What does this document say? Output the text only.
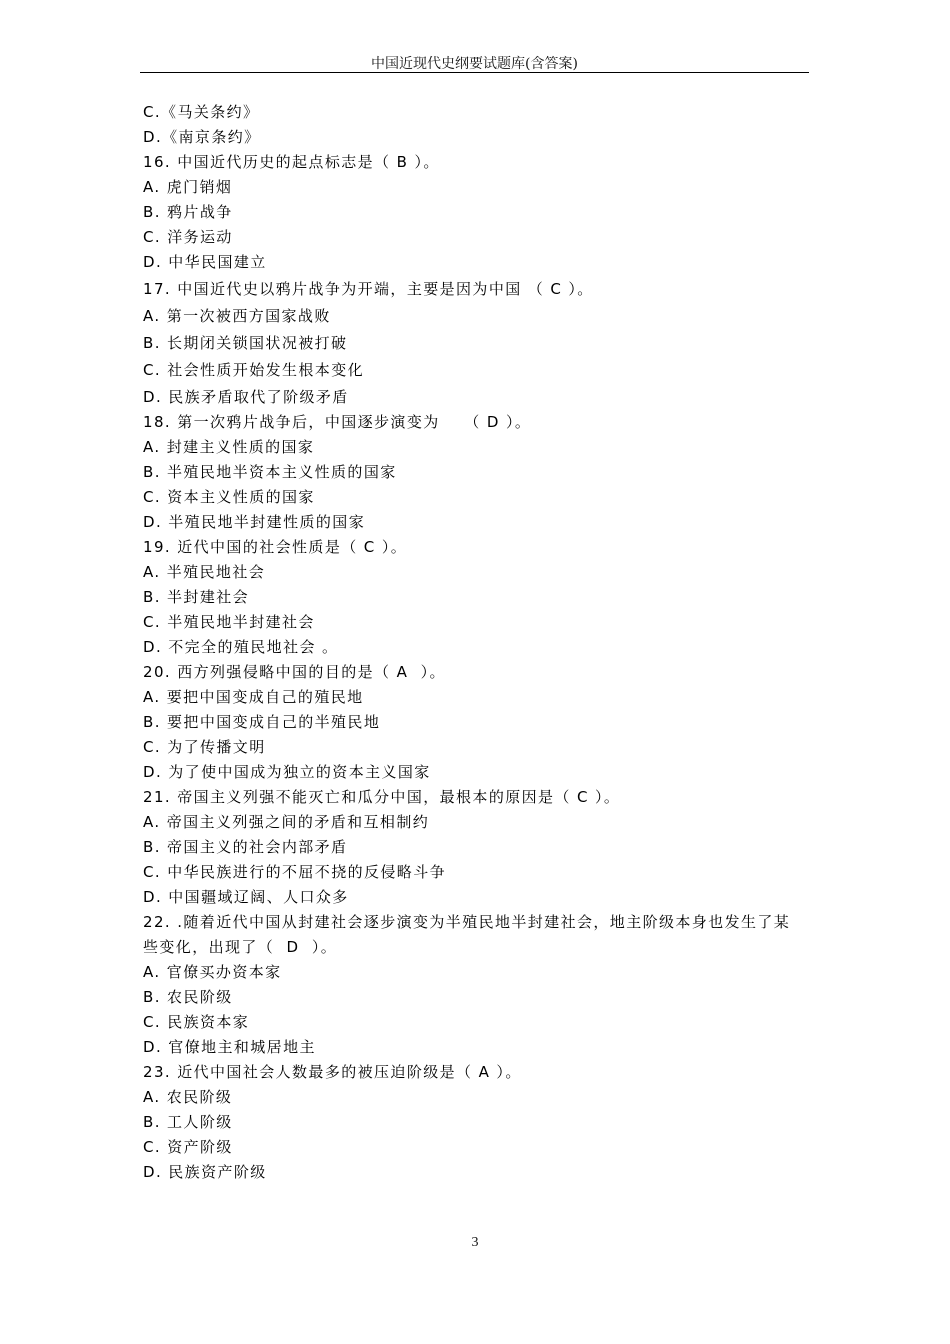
中国近现代史纲要试题库(含答案)
C.《马关条约》
D.《南京条约》
16. 中国近代历史的起点标志是（ B ）。
A. 虎门销烟
B. 鸦片战争
C. 洋务运动
D. 中华民国建立
17. 中国近代史以鸦片战争为开端，主要是因为中国 （ C ）。
A. 第一次被西方国家战败
B. 长期闭关锁国状况被打破
C. 社会性质开始发生根本变化
D. 民族矛盾取代了阶级矛盾
18. 第一次鸦片战争后，中国逐步演变为    （ D ）。
A. 封建主义性质的国家
B. 半殖民地半资本主义性质的国家
C. 资本主义性质的国家
D. 半殖民地半封建性质的国家
19. 近代中国的社会性质是（ C ）。
A. 半殖民地社会
B. 半封建社会
C. 半殖民地半封建社会
D. 不完全的殖民地社会 。
20. 西方列强侵略中国的目的是（ A  ）。
A. 要把中国变成自己的殖民地
B. 要把中国变成自己的半殖民地
C. 为了传播文明
D. 为了使中国成为独立的资本主义国家
21. 帝国主义列强不能灭亡和瓜分中国，最根本的原因是（ C ）。
A. 帝国主义列强之间的矛盾和互相制约
B. 帝国主义的社会内部矛盾
C. 中华民族进行的不屈不挠的反侵略斗争
D. 中国疆域辽阔、人口众多
22. .随着近代中国从封建社会逐步演变为半殖民地半封建社会，地主阶级本身也发生了某
些变化，出现了（  D  ）。
A. 官僚买办资本家
B. 农民阶级
C. 民族资本家
D. 官僚地主和城居地主
23. 近代中国社会人数最多的被压迫阶级是（ A ）。
A. 农民阶级
B. 工人阶级
C. 资产阶级
D. 民族资产阶级
3
